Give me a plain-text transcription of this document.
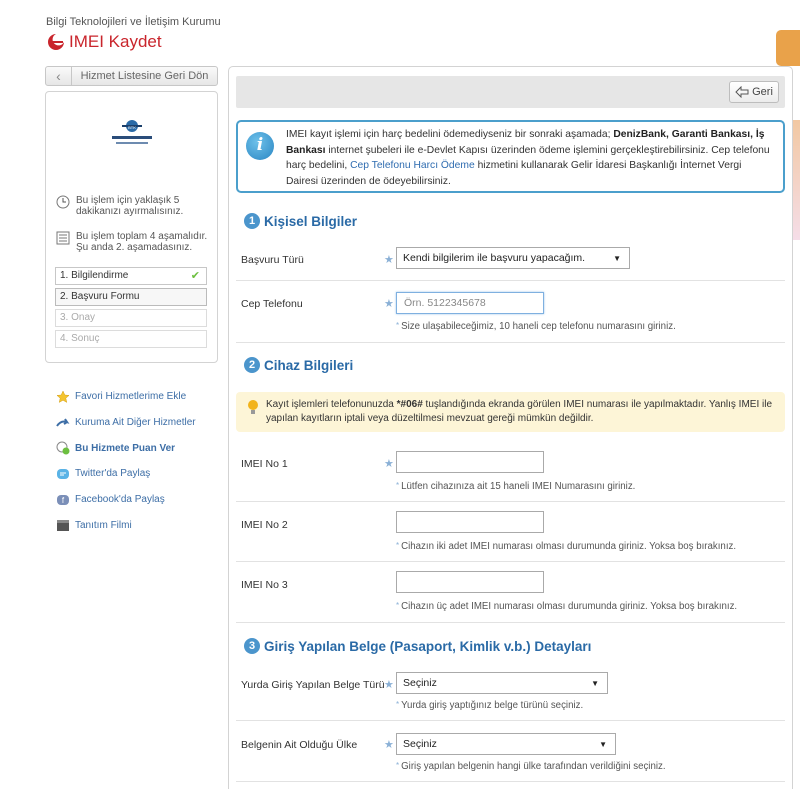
Bilgi Teknolojileri ve İletişim Kurumu
IMEI Kaydet
‹	Hizmet Listesine Geri Dön
Bu işlem için yaklaşık 5 dakikanızı ayırmalısınız.
Bu işlem toplam 4 aşamalıdır. Şu anda 2. aşamadasınız.
1. Bilgilendirme	✔
2. Başvuru Formu
3. Onay
4. Sonuç
BTK
Favori Hizmetlerime Ekle
Kuruma Ait Diğer Hizmetler
Bu Hizmete Puan Ver
Twitter'da Paylaş
f Facebook'da Paylaş
Tanıtım Filmi
Geri
i
IMEI kayıt işlemi için harç bedelini ödemediyseniz bir sonraki aşamada; DenizBank, Garanti Bankası, İş Bankası internet şubeleri ile e-Devlet Kapısı üzerinden ödeme işlemini gerçekleştirebilirsiniz. Cep telefonu harç bedelini, Cep Telefonu Harcı Ödeme hizmetini kullanarak Gelir İdaresi Başkanlığı İnternet Vergi Dairesi üzerinden de ödeyebilirsiniz.
1 Kişisel Bilgiler
Başvuru Türü	★ Kendi bilgilerim ile başvuru yapacağım.	▼
Cep Telefonu	★ Örn. 5122345678
* Size ulaşabileceğimiz, 10 haneli cep telefonu numarasını giriniz.
2 Cihaz Bilgileri
Kayıt işlemleri telefonunuzda *#06# tuşlandığında ekranda görülen IMEI numarası ile yapılmaktadır. Yanlış IMEI ile yapılan kayıtların iptali veya düzeltilmesi mevzuat gereği mümkün değildir.
IMEI No 1	★
* Lütfen cihazınıza ait 15 haneli IMEI Numarasını giriniz.
IMEI No 2
* Cihazın iki adet IMEI numarası olması durumunda giriniz. Yoksa boş bırakınız.
IMEI No 3
* Cihazın üç adet IMEI numarası olması durumunda giriniz. Yoksa boş bırakınız.
3 Giriş Yapılan Belge (Pasaport, Kimlik v.b.) Detayları
Yurda Giriş Yapılan Belge Türü ★ Seçiniz	▼
* Yurda giriş yaptığınız belge türünü seçiniz.
Belgenin Ait Olduğu Ülke ★ Seçiniz	▼
* Giriş yapılan belgenin hangi ülke tarafından verildiğini seçiniz.
